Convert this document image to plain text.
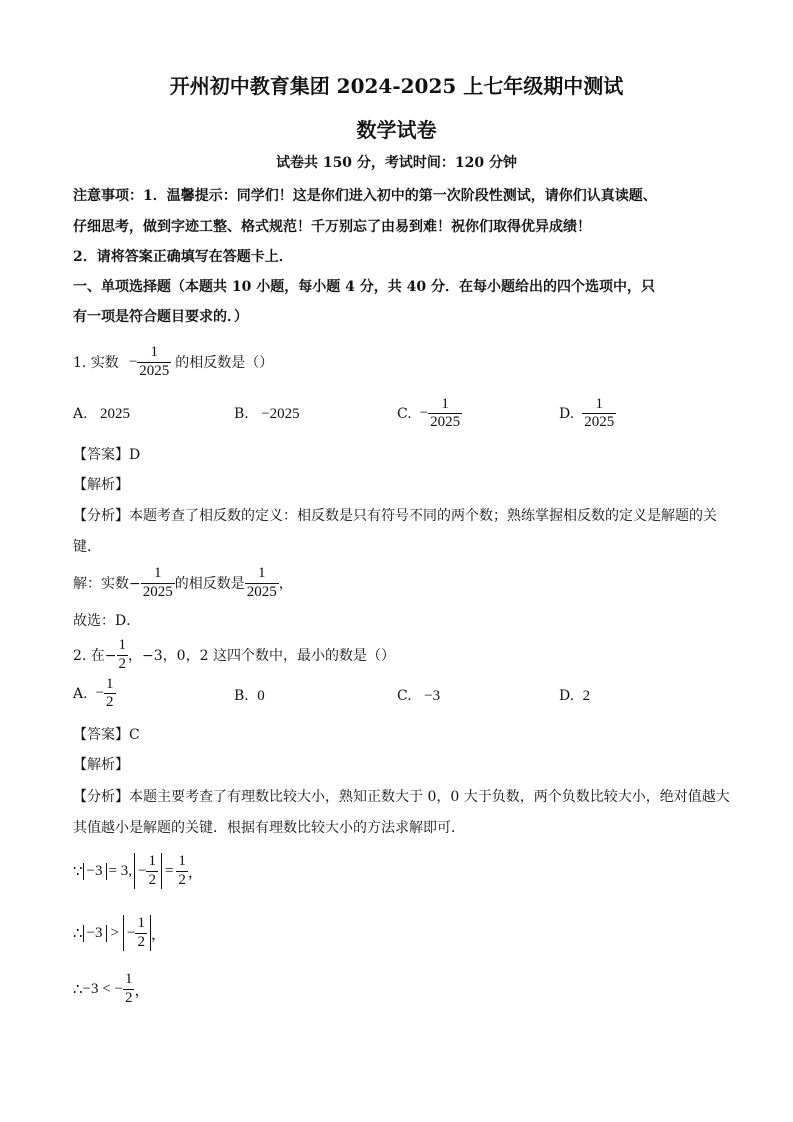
开州初中教育集团 2024-2025 上七年级期中测试
数学试卷
试卷共 150 分，考试时间：120 分钟
注意事项：1．温馨提示：同学们！这是你们进入初中的第一次阶段性测试，请你们认真读题、
仔细思考，做到字迹工整、格式规范！千万别忘了由易到难！祝你们取得优异成绩！
2．请将答案正确填写在答题卡上．
一、单项选择题（本题共 10 小题，每小题 4 分，共 40 分．在每小题给出的四个选项中，只
有一项是符合题目要求的．）
1. 实数 − $\frac{1}{2025}$ 的相反数是（）
A. 2025	B. −2025	C. − $\frac{1}{2025}$	D. $\frac{1}{2025}$
【答案】D
【解析】
【分析】本题考查了相反数的定义：相反数是只有符号不同的两个数；熟练掌握相反数的定义是解题的关
键．
解：实数− $\frac{1}{2025}$ 的相反数是 $\frac{1}{2025}$ ，
故选：D．
2. 在− $\frac{1}{2}$ ，−3，0，2 这四个数中，最小的数是（）
A. − $\frac{1}{2}$	B. 0	C. −3	D. 2
【答案】C
【解析】
【分析】本题主要考查了有理数比较大小，熟知正数大于 0，0 大于负数，两个负数比较大小，绝对值越大
其值越小是解题的关键．根据有理数比较大小的方法求解即可．
∵ −3 = 3, − $\frac{1}{2} = \frac{1}{2}$ ，
∴ −3 > − $\frac{1}{2}$ ，
∴ −3 < − $\frac{1}{2}$ ，
